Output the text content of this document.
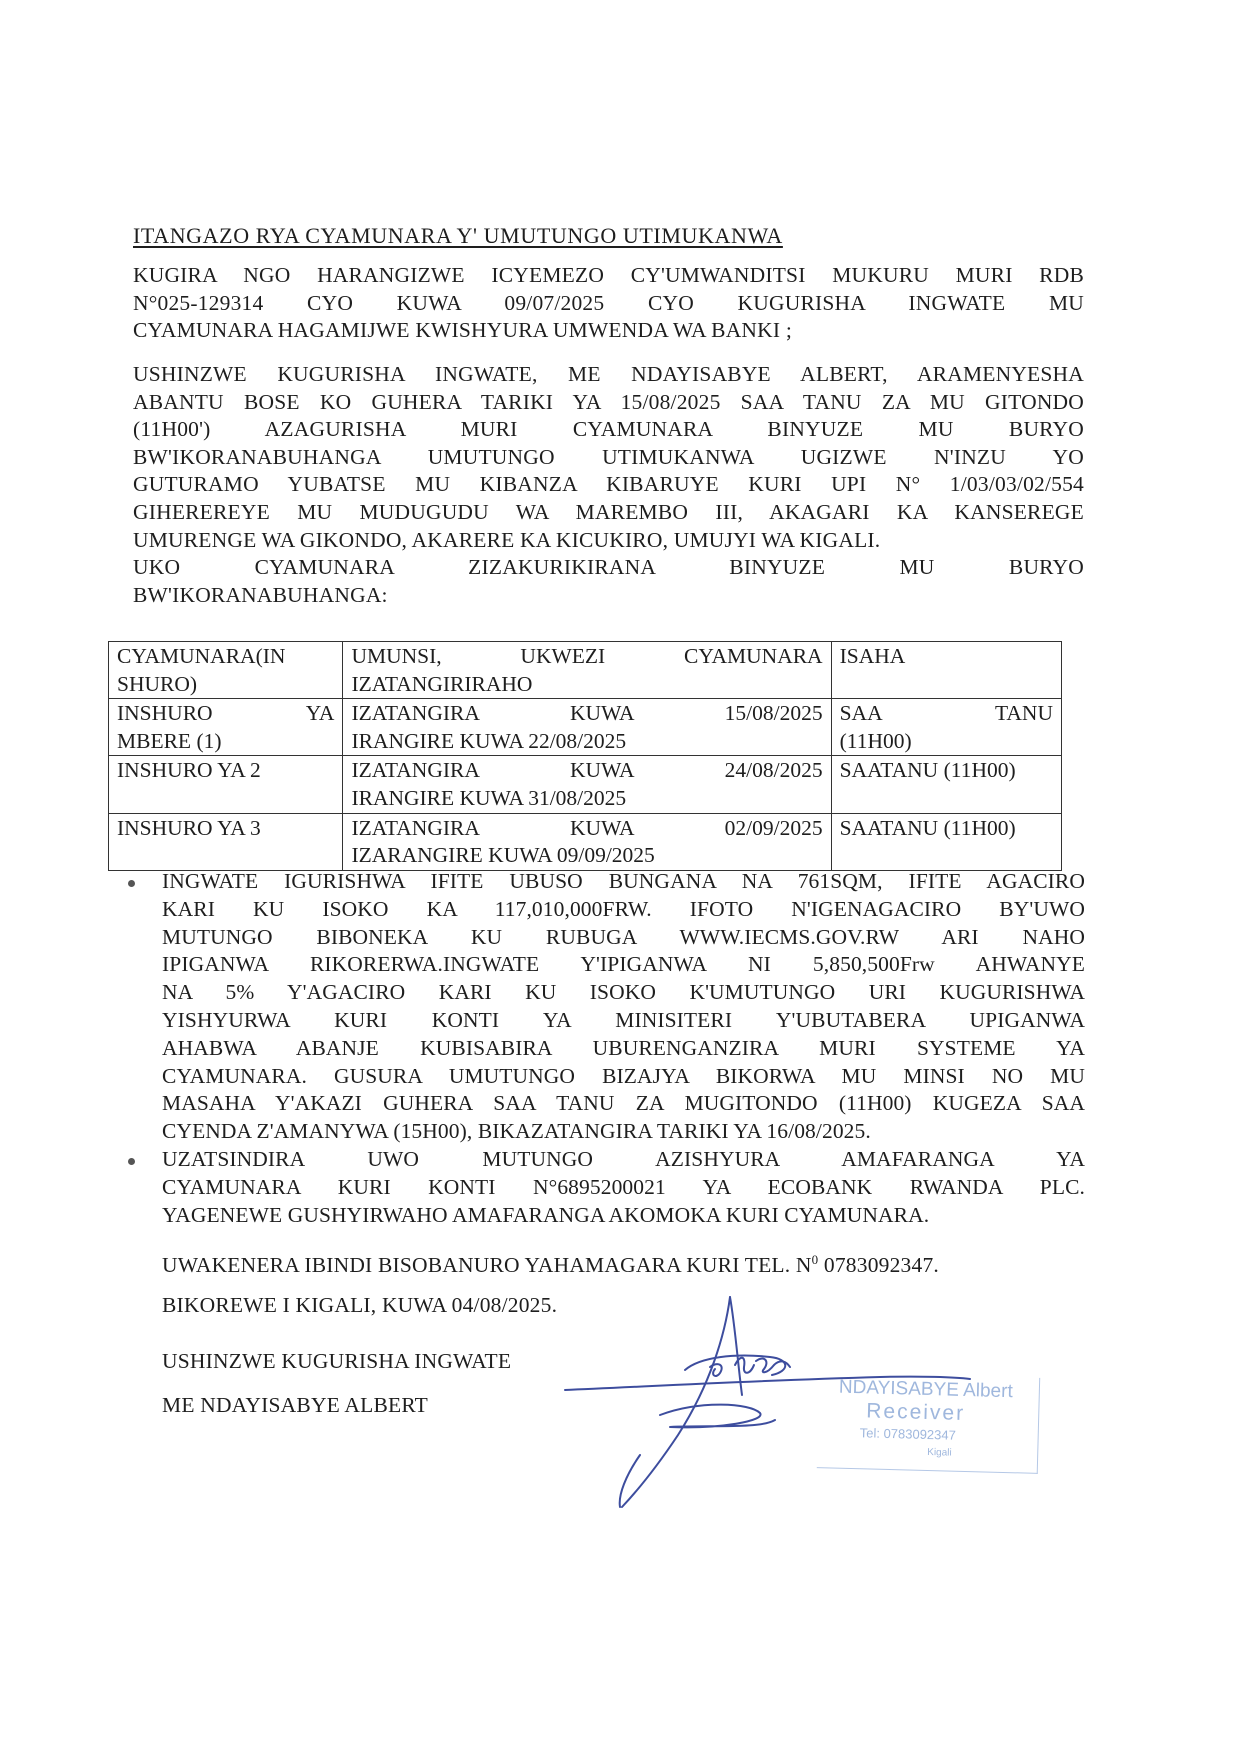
ITANGAZO RYA CYAMUNARA Y' UMUTUNGO UTIMUKANWA
KUGIRA NGO HARANGIZWE ICYEMEZO CY'UMWANDITSI MUKURU MURI RDB
N°025-129314 CYO KUWA 09/07/2025 CYO KUGURISHA INGWATE MU
CYAMUNARA HAGAMIJWE KWISHYURA UMWENDA WA BANKI ;
USHINZWE KUGURISHA INGWATE, ME NDAYISABYE ALBERT, ARAMENYESHA
ABANTU BOSE KO GUHERA TARIKI YA 15/08/2025 SAA TANU ZA MU GITONDO
(11H00') AZAGURISHA MURI CYAMUNARA BINYUZE MU BURYO
BW'IKORANABUHANGA UMUTUNGO UTIMUKANWA UGIZWE N'INZU YO
GUTURAMO YUBATSE MU KIBANZA KIBARUYE KURI UPI N° 1/03/03/02/554
GIHEREREYE MU MUDUGUDU WA MAREMBO III, AKAGARI KA KANSEREGE
UMURENGE WA GIKONDO, AKARERE KA KICUKIRO, UMUJYI WA KIGALI.
UKO CYAMUNARA ZIZAKURIKIRANA BINYUZE MU BURYO
BW'IKORANABUHANGA:
CYAMUNARA(IN
SHURO)	UMUNSI, UKWEZI CYAMUNARA
IZATANGIRIRAHO	ISAHA

INSHURO YA
MBERE (1)	IZATANGIRA KUWA 15/08/2025
IRANGIRE KUWA 22/08/2025	SAA TANU
(11H00)

INSHURO YA 2	IZATANGIRA KUWA 24/08/2025
IRANGIRE KUWA 31/08/2025	SAATANU (11H00)

INSHURO YA 3	IZATANGIRA KUWA 02/09/2025
IZARANGIRE KUWA 09/09/2025	SAATANU (11H00)
INGWATE IGURISHWA IFITE UBUSO BUNGANA NA 761SQM, IFITE AGACIRO
KARI KU ISOKO KA 117,010,000FRW. IFOTO N'IGENAGACIRO BY'UWO
MUTUNGO BIBONEKA KU RUBUGA WWW.IECMS.GOV.RW ARI NAHO
IPIGANWA RIKORERWA.INGWATE Y'IPIGANWA NI 5,850,500Frw AHWANYE
NA 5% Y'AGACIRO KARI KU ISOKO K'UMUTUNGO URI KUGURISHWA
YISHYURWA KURI KONTI YA MINISITERI Y'UBUTABERA UPIGANWA
AHABWA ABANJE KUBISABIRA UBURENGANZIRA MURI SYSTEME YA
CYAMUNARA. GUSURA UMUTUNGO BIZAJYA BIKORWA MU MINSI NO MU
MASAHA Y'AKAZI GUHERA SAA TANU ZA MUGITONDO (11H00) KUGEZA SAA
CYENDA Z'AMANYWA (15H00), BIKAZATANGIRA TARIKI YA 16/08/2025.
UZATSINDIRA UWO MUTUNGO AZISHYURA AMAFARANGA YA
CYAMUNARA KURI KONTI N°6895200021 YA ECOBANK RWANDA PLC.
YAGENEWE GUSHYIRWAHO AMAFARANGA AKOMOKA KURI CYAMUNARA.
UWAKENERA IBINDI BISOBANURO YAHAMAGARA KURI TEL. $N^0$ 0783092347.
BIKOREWE I KIGALI, KUWA 04/08/2025.
USHINZWE KUGURISHA INGWATE
ME NDAYISABYE ALBERT
NDAYISABYE Albert
Receiver
Tel: 0783092347
Kigali
